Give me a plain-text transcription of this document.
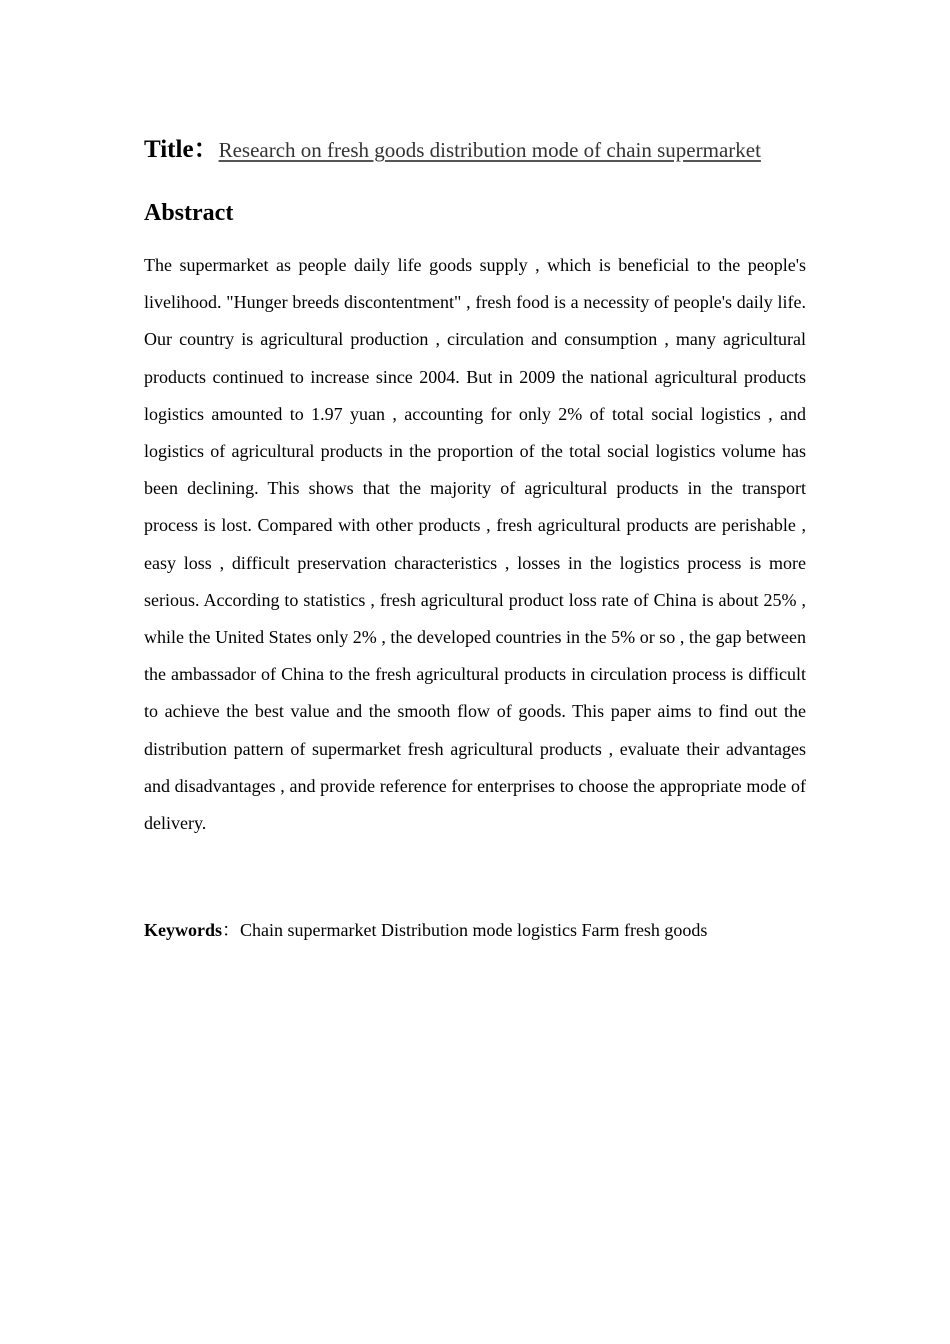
Title：Research on fresh goods distribution mode of chain supermarket

Abstract

The supermarket as people daily life goods supply , which is beneficial to the people's livelihood. "Hunger breeds discontentment" , fresh food is a necessity of people's daily life. Our country is agricultural production , circulation and consumption , many agricultural products continued to increase since 2004. But in 2009 the national agricultural products logistics amounted to 1.97 yuan , accounting for only 2% of total social logistics , and logistics of agricultural products in the proportion of the total social logistics volume has been declining. This shows that the majority of agricultural products in the transport process is lost. Compared with other products , fresh agricultural products are perishable , easy loss , difficult preservation characteristics , losses in the logistics process is more serious. According to statistics , fresh agricultural product loss rate of China is about 25% , while the United States only 2% , the developed countries in the 5% or so , the gap between the ambassador of China to the fresh agricultural products in circulation process is difficult to achieve the best value and the smooth flow of goods. This paper aims to find out the distribution pattern of supermarket fresh agricultural products , evaluate their advantages and disadvantages , and provide reference for enterprises to choose the appropriate mode of delivery.

Keywords：Chain supermarket Distribution mode logistics Farm fresh goods
